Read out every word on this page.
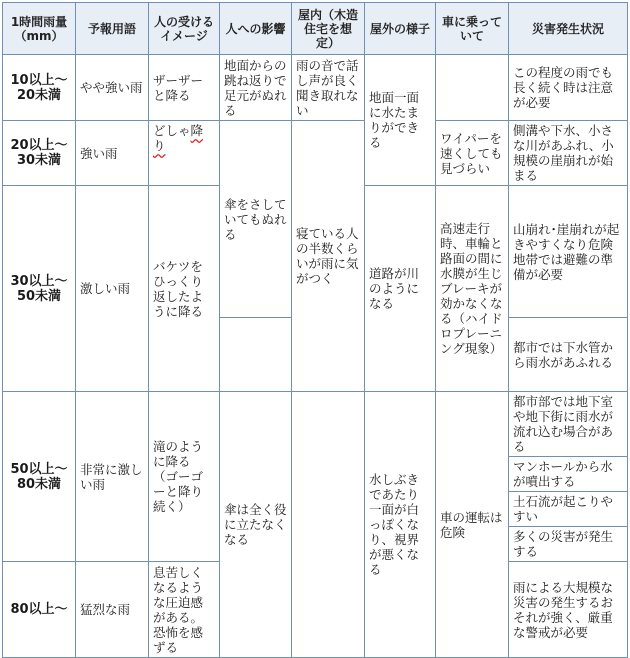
1時間雨量（mm）	予報用語	人の受けるイメージ	人への影響	屋内（木造住宅を想定）	屋外の様子	車に乗っていて	災害発生状況
10以上〜20未満	やや強い雨	ザーザーと降る	地面からの跳ね返りで足元がぬれる	雨の音で話し声が良く聞き取れない	地面一面に水たまりができる		この程度の雨でも長く続く時は注意が必要
20以上〜30未満	強い雨	どしゃ降り	傘をさしていてもぬれる	寝ている人の半数くらいが雨に気がつく		ワイパーを速くしても見づらい	側溝や下水、小さな川があふれ、小規模の崖崩れが始まる
30以上〜50未満	激しい雨	バケツをひっくり返したように降る			道路が川のようになる	高速走行時、車輪と路面の間に水膜が生じブレーキが効かなくなる（ハイドロプレーニング現象）	山崩れ･崖崩れが起きやすくなり危険地帯では避難の準備が必要
							都市では下水管から雨水があふれる
50以上〜80未満	非常に激しい雨	滝のように降る（ゴーゴーと降り続く）	傘は全く役に立たなくなる		水しぶきであたり一面が白っぽくなり、視界が悪くなる	車の運転は危険	都市部では地下室や地下街に雨水が流れ込む場合がある
							マンホールから水が噴出する
							土石流が起こりやすい
							多くの災害が発生する
80以上〜	猛烈な雨	息苦しくなるような圧迫感がある。恐怖を感ずる					雨による大規模な災害の発生するおそれが強く、厳重な警戒が必要
